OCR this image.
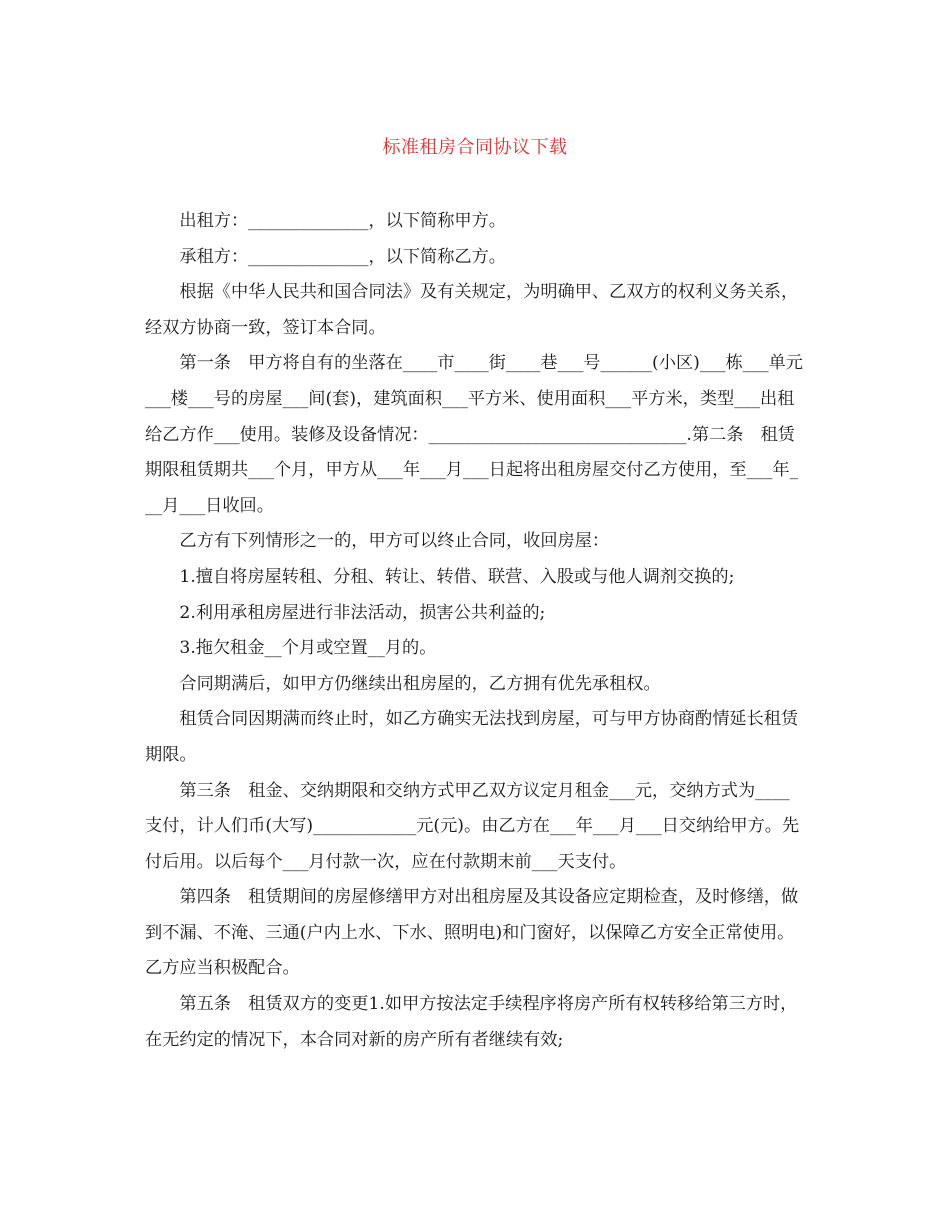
标准租房合同协议下载

出租方：______________，以下简称甲方。

承租方：______________，以下简称乙方。

根据《中华人民共和国合同法》及有关规定，为明确甲、乙双方的权利义务关系，经双方协商一致，签订本合同。

第一条　甲方将自有的坐落在____市____街____巷___号______(小区)___栋___单元___楼___号的房屋___间(套)，建筑面积___平方米、使用面积___平方米，类型___出租给乙方作___使用。装修及设备情况：______________________________.第二条　租赁期限租赁期共___个月，甲方从___年___月___日起将出租房屋交付乙方使用，至___年___月___日收回。

乙方有下列情形之一的，甲方可以终止合同，收回房屋：

1.擅自将房屋转租、分租、转让、转借、联营、入股或与他人调剂交换的;

2.利用承租房屋进行非法活动，损害公共利益的;

3.拖欠租金__个月或空置__月的。

合同期满后，如甲方仍继续出租房屋的，乙方拥有优先承租权。

租赁合同因期满而终止时，如乙方确实无法找到房屋，可与甲方协商酌情延长租赁期限。

第三条　租金、交纳期限和交纳方式甲乙双方议定月租金___元，交纳方式为____支付，计人们币(大写)____________元(元)。由乙方在___年___月___日交纳给甲方。先付后用。以后每个___月付款一次，应在付款期末前___天支付。

第四条　租赁期间的房屋修缮甲方对出租房屋及其设备应定期检查，及时修缮，做到不漏、不淹、三通(户内上水、下水、照明电)和门窗好，以保障乙方安全正常使用。乙方应当积极配合。

第五条　租赁双方的变更1.如甲方按法定手续程序将房产所有权转移给第三方时，在无约定的情况下，本合同对新的房产所有者继续有效;
